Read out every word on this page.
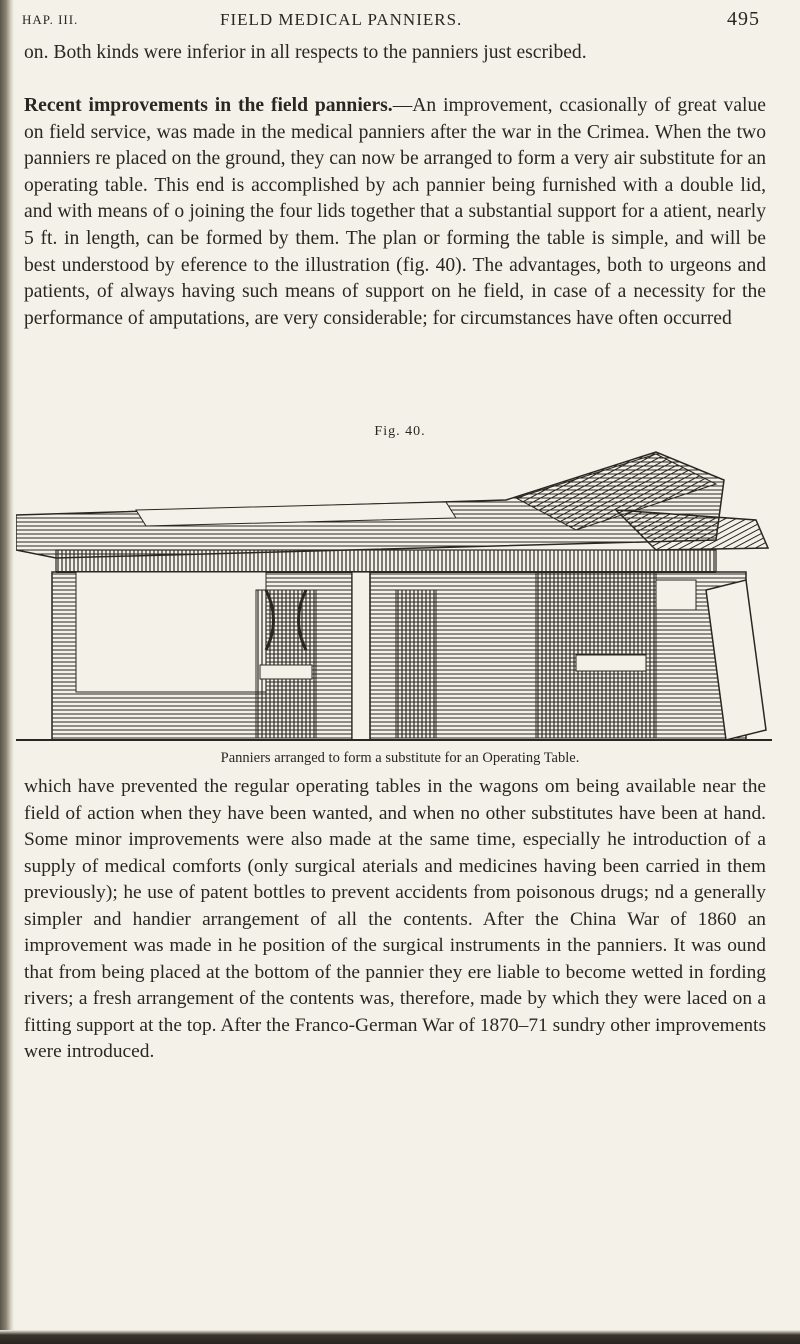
HAP. III.	FIELD MEDICAL PANNIERS.	495

on. Both kinds were inferior in all respects to the panniers just escribed.

Recent improvements in the field panniers.—An improvement, ccasionally of great value on field service, was made in the medical panniers after the war in the Crimea. When the two panniers re placed on the ground, they can now be arranged to form a very air substitute for an operating table. This end is accomplished by ach pannier being furnished with a double lid, and with means of o joining the four lids together that a substantial support for a atient, nearly 5 ft. in length, can be formed by them. The plan or forming the table is simple, and will be best understood by eference to the illustration (fig. 40). The advantages, both to urgeons and patients, of always having such means of support on he field, in case of a necessity for the performance of amputations, are very considerable; for circumstances have often occurred

Fig. 40.
Panniers arranged to form a substitute for an Operating Table.

which have prevented the regular operating tables in the wagons om being available near the field of action when they have been wanted, and when no other substitutes have been at hand. Some minor improvements were also made at the same time, especially he introduction of a supply of medical comforts (only surgical aterials and medicines having been carried in them previously); he use of patent bottles to prevent accidents from poisonous drugs; nd a generally simpler and handier arrangement of all the contents. After the China War of 1860 an improvement was made in he position of the surgical instruments in the panniers. It was ound that from being placed at the bottom of the pannier they ere liable to become wetted in fording rivers; a fresh arrangement of the contents was, therefore, made by which they were laced on a fitting support at the top. After the Franco-German War of 1870–71 sundry other improvements were introduced.
